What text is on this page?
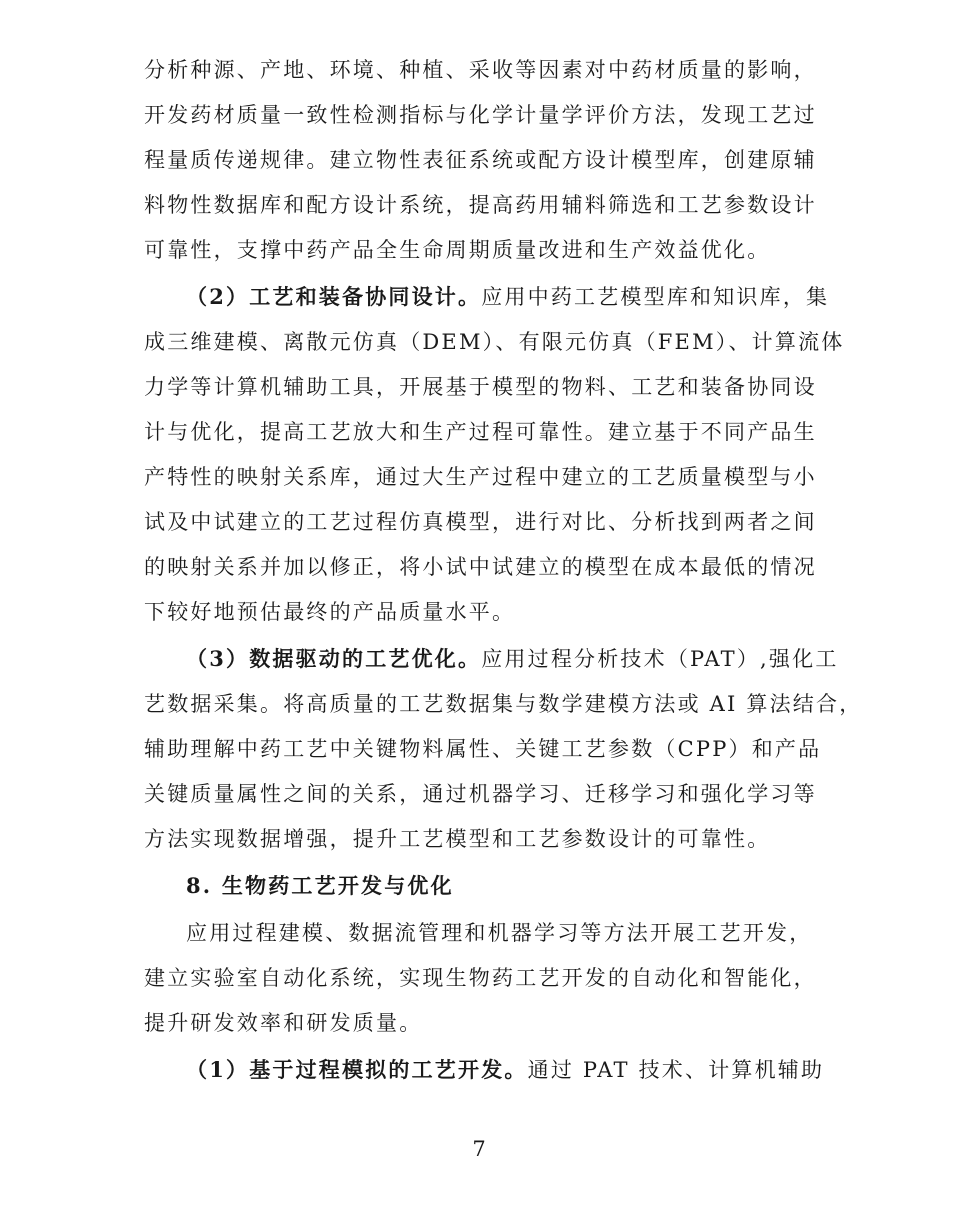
分析种源、产地、环境、种植、采收等因素对中药材质量的影响，
开发药材质量一致性检测指标与化学计量学评价方法，发现工艺过
程量质传递规律。建立物性表征系统或配方设计模型库，创建原辅
料物性数据库和配方设计系统，提高药用辅料筛选和工艺参数设计
可靠性，支撑中药产品全生命周期质量改进和生产效益优化。
（2）工艺和装备协同设计。应用中药工艺模型库和知识库，集
成三维建模、离散元仿真（DEM）、有限元仿真（FEM）、计算流体
力学等计算机辅助工具，开展基于模型的物料、工艺和装备协同设
计与优化，提高工艺放大和生产过程可靠性。建立基于不同产品生
产特性的映射关系库，通过大生产过程中建立的工艺质量模型与小
试及中试建立的工艺过程仿真模型，进行对比、分析找到两者之间
的映射关系并加以修正，将小试中试建立的模型在成本最低的情况
下较好地预估最终的产品质量水平。
（3）数据驱动的工艺优化。应用过程分析技术（PAT）,强化工
艺数据采集。将高质量的工艺数据集与数学建模方法或 AI 算法结合，
辅助理解中药工艺中关键物料属性、关键工艺参数（CPP）和产品
关键质量属性之间的关系，通过机器学习、迁移学习和强化学习等
方法实现数据增强，提升工艺模型和工艺参数设计的可靠性。
8. 生物药工艺开发与优化
应用过程建模、数据流管理和机器学习等方法开展工艺开发，
建立实验室自动化系统，实现生物药工艺开发的自动化和智能化，
提升研发效率和研发质量。
（1）基于过程模拟的工艺开发。通过 PAT 技术、计算机辅助
7
